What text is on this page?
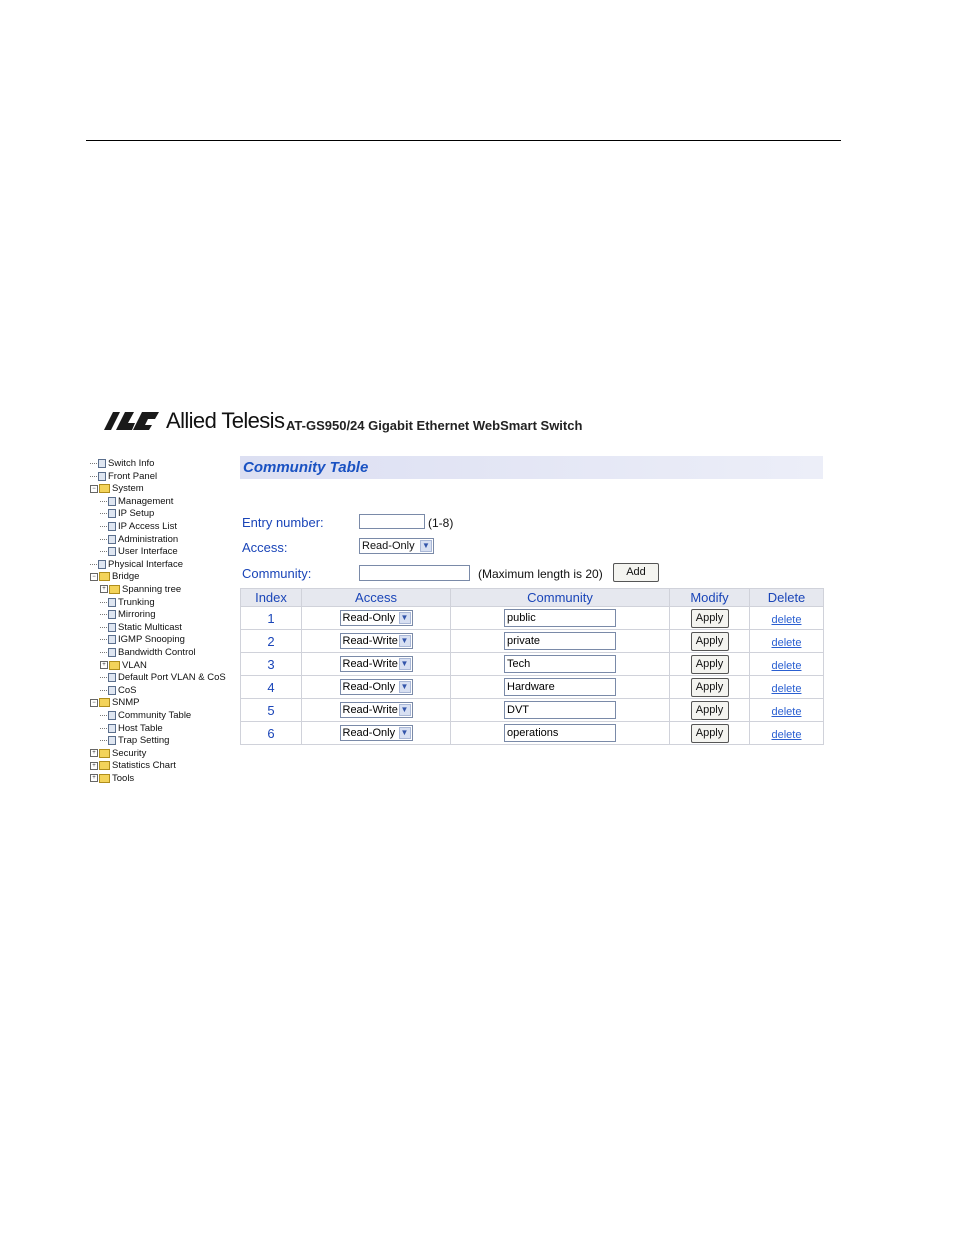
Allied Telesis AT-GS950/24 Gigabit Ethernet WebSmart Switch
Switch Info
Front Panel
− System
Management
IP Setup
IP Access List
Administration
User Interface
Physical Interface
− Bridge
+ Spanning tree
Trunking
Mirroring
Static Multicast
IGMP Snooping
Bandwidth Control
+ VLAN
Default Port VLAN & CoS
CoS
− SNMP
Community Table
Host Table
Trap Setting
+ Security
+ Statistics Chart
+ Tools
Community Table
Entry number:	(1-8)
Access:	Read-Only ▼
Community:	(Maximum length is 20)	Add
Index	Access	Community	Modify	Delete
1	Read-Only ▼	public	Apply	delete
2	Read-Write ▼	private	Apply	delete
3	Read-Write ▼	Tech	Apply	delete
4	Read-Only ▼	Hardware	Apply	delete
5	Read-Write ▼	DVT	Apply	delete
6	Read-Only ▼	operations	Apply	delete
